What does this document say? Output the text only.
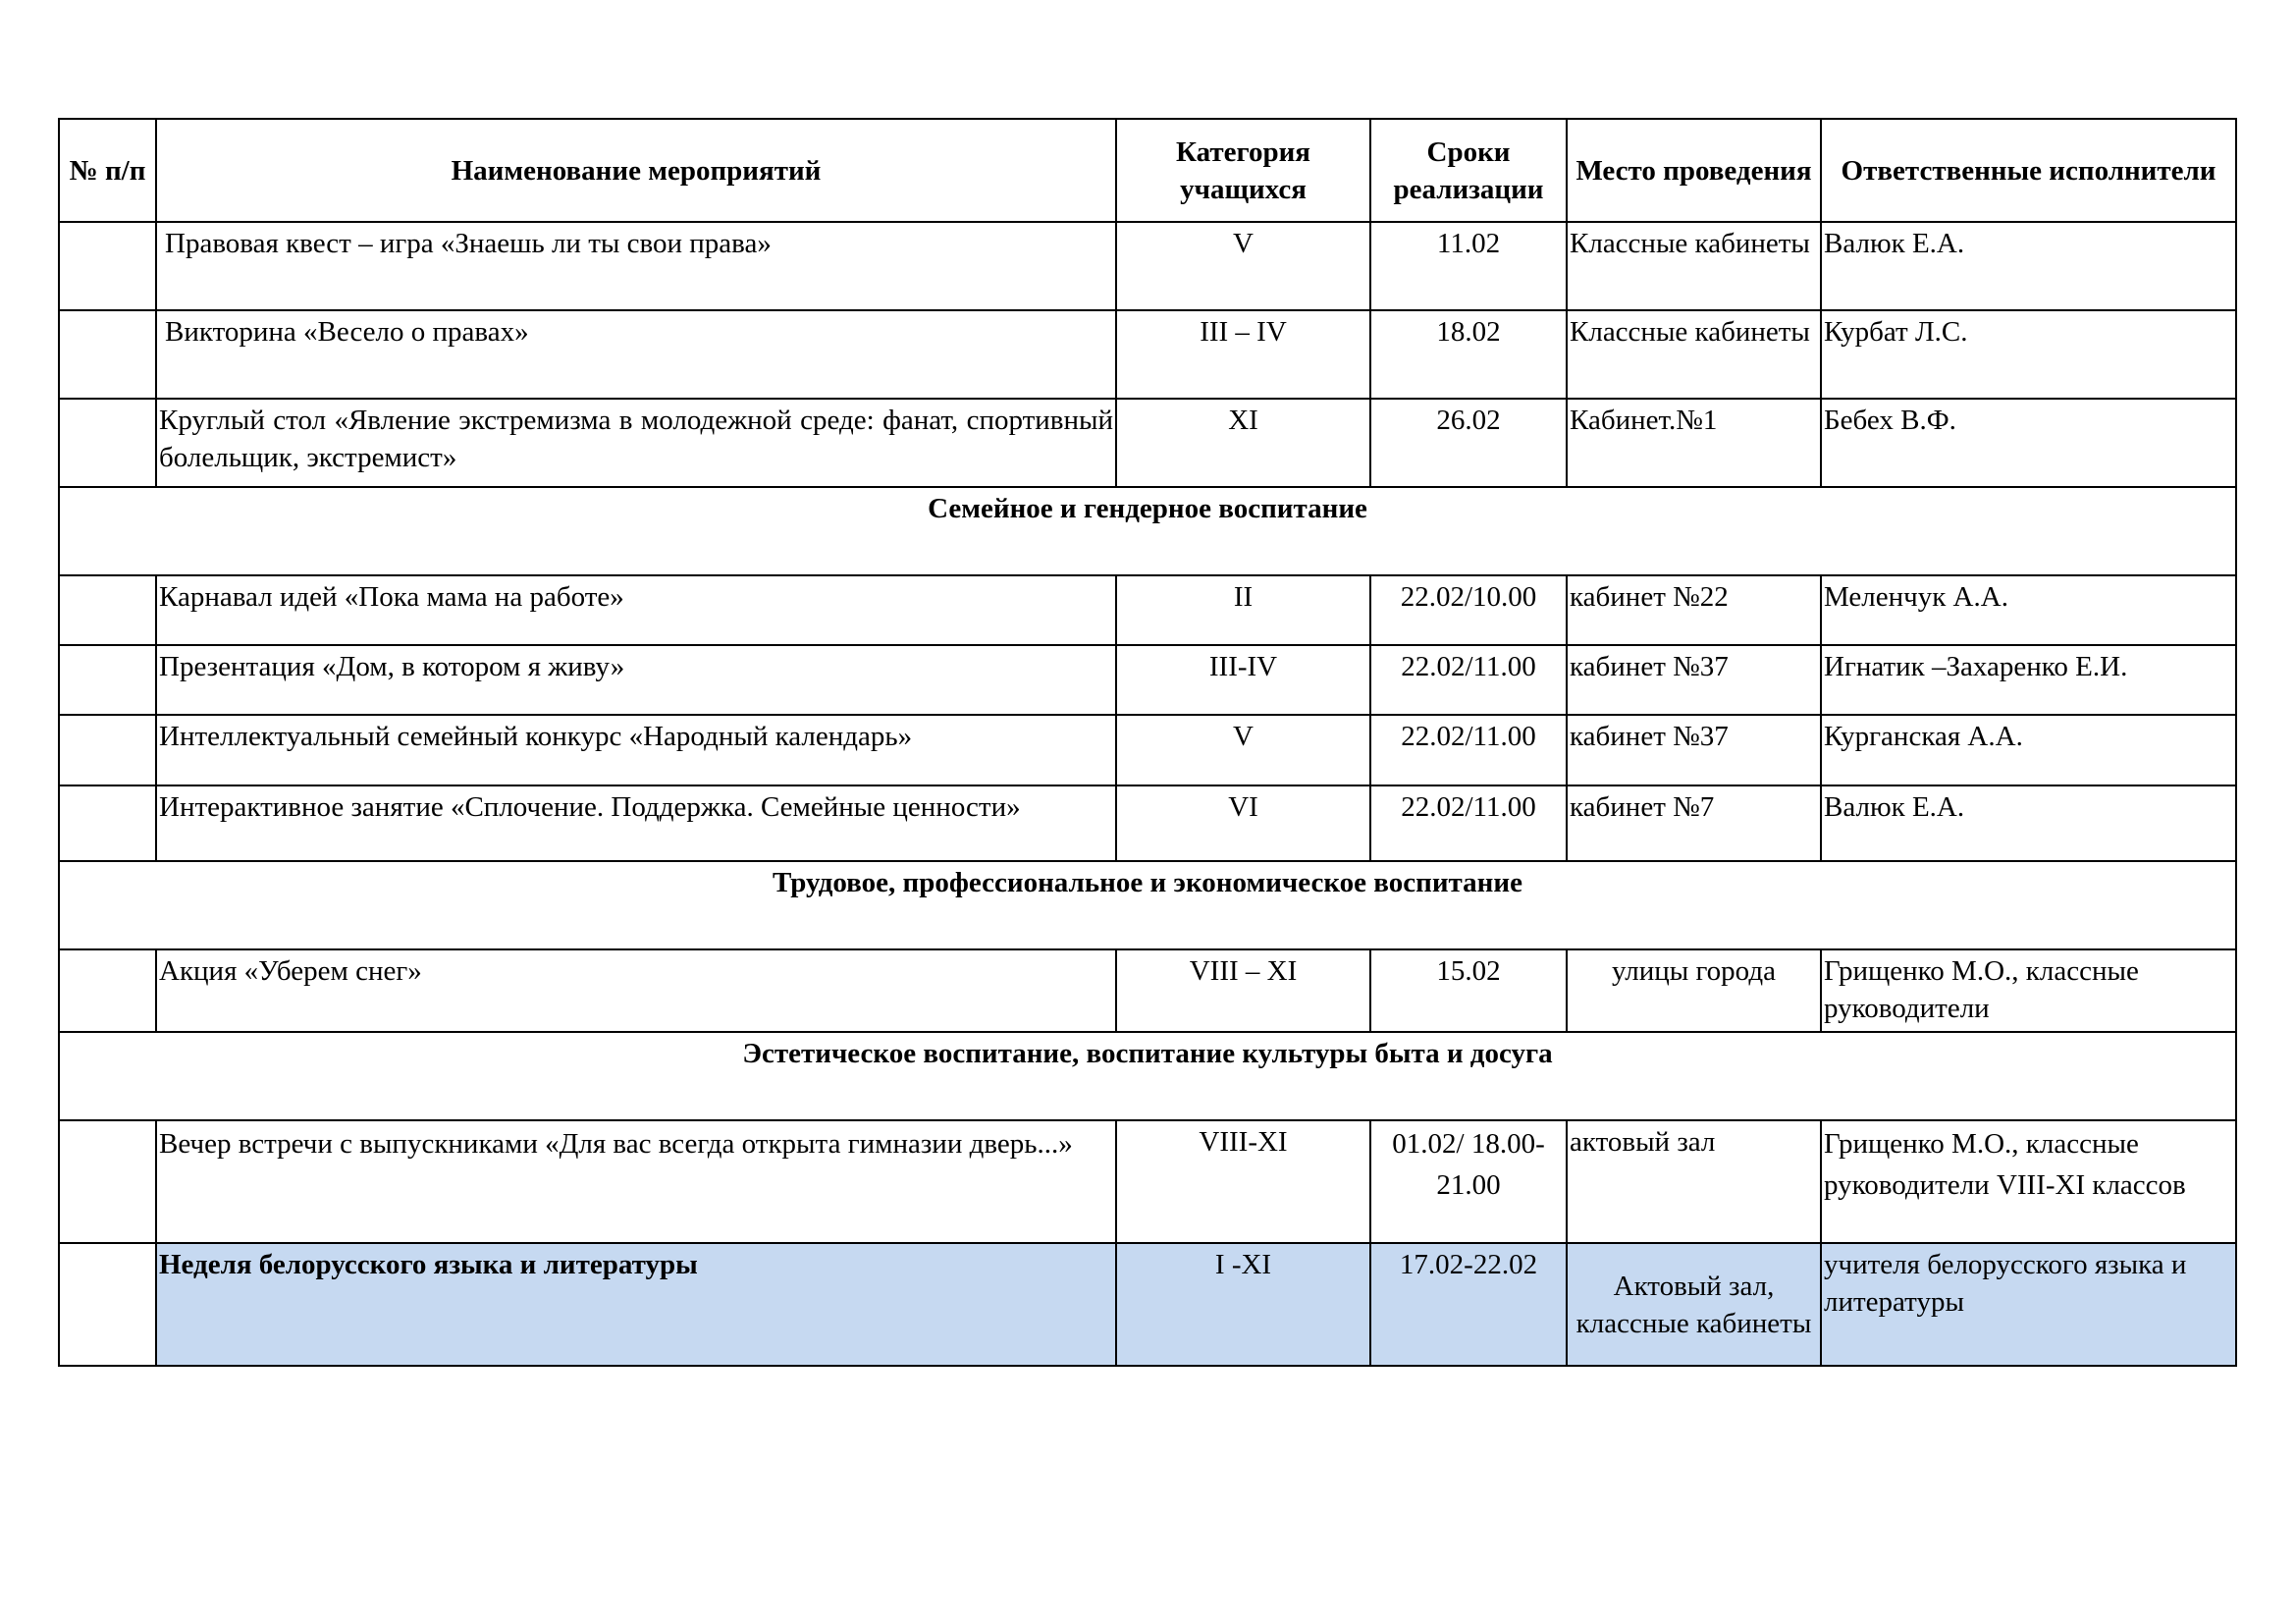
№ п/п	Наименование мероприятий	Категория учащихся	Сроки реализации	Место проведения	Ответственные исполнители
	Правовая квест – игра «Знаешь ли ты свои права»	V	11.02	Классные кабинеты	Валюк Е.А.
	Викторина «Весело о правах»	III – IV	18.02	Классные кабинеты	Курбат Л.С.
	Круглый стол «Явление экстремизма в молодежной среде: фанат, спортивный болельщик, экстремист»	XI	26.02	Кабинет.№1	Бебех В.Ф.
Семейное и гендерное воспитание					
	Карнавал идей «Пока мама на работе»	II	22.02/10.00	кабинет №22	Меленчук А.А.
	Презентация «Дом, в котором я живу»	III-IV	22.02/11.00	кабинет №37	Игнатик –Захаренко Е.И.
	Интеллектуальный семейный конкурс «Народный календарь»	V	22.02/11.00	кабинет №37	Курганская А.А.
	Интерактивное занятие «Сплочение. Поддержка. Семейные ценности»	VI	22.02/11.00	кабинет №7	Валюк Е.А.
Трудовое, профессиональное и экономическое воспитание					
	Акция «Уберем снег»	VIII – XI	15.02	улицы города	Грищенко М.О., классные руководители
Эстетическое воспитание, воспитание культуры быта и досуга					
	Вечер встречи с выпускниками «Для вас всегда открыта гимназии дверь...»	VIII-XI	01.02/ 18.00-21.00	актовый зал	Грищенко М.О., классные руководители VIII-XI классов
	Неделя белорусского языка и литературы	I -XI	17.02-22.02	Актовый зал, классные кабинеты	учителя белорусского языка и литературы
